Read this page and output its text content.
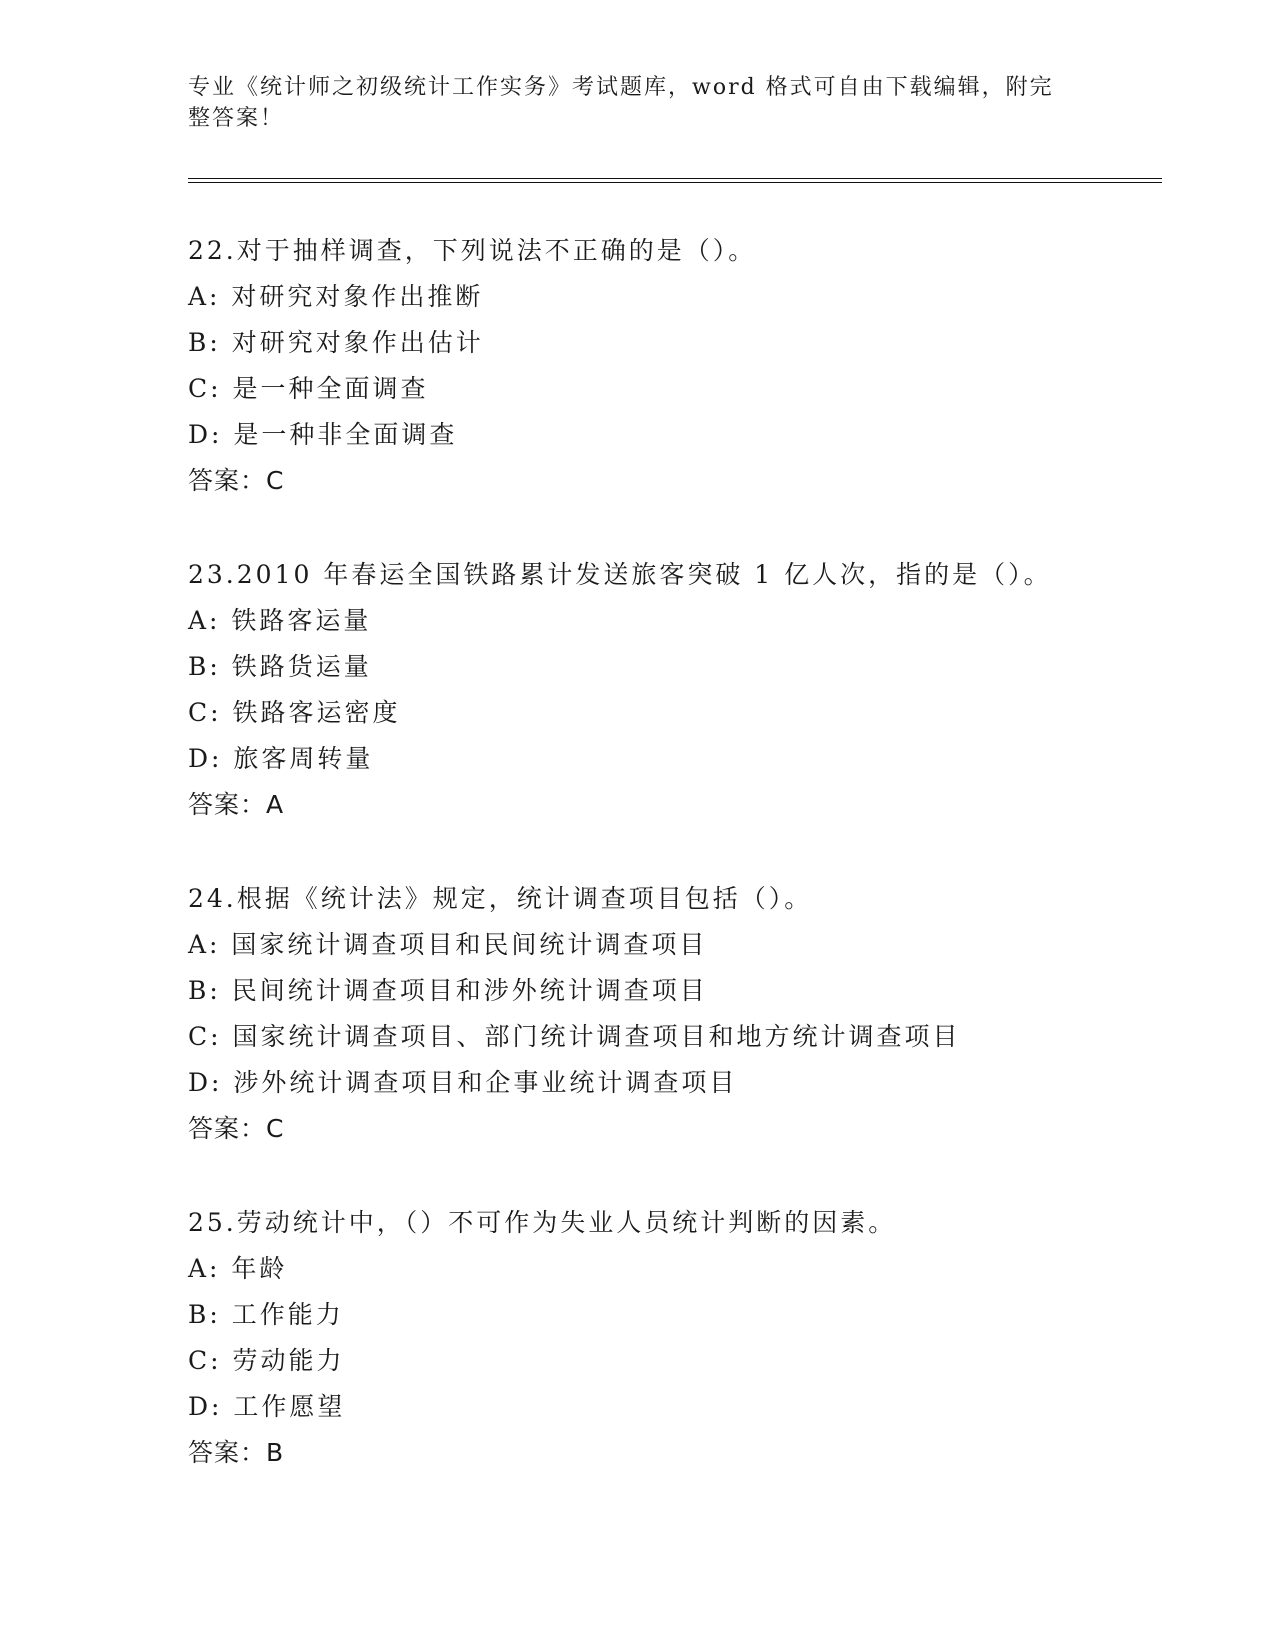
专业《统计师之初级统计工作实务》考试题库，word 格式可自由下载编辑，附完
整答案！
22.对于抽样调查，下列说法不正确的是（）。
A: 对研究对象作出推断
B: 对研究对象作出估计
C: 是一种全面调查
D: 是一种非全面调查
答案：C
23.2010 年春运全国铁路累计发送旅客突破 1 亿人次，指的是（）。
A: 铁路客运量
B: 铁路货运量
C: 铁路客运密度
D: 旅客周转量
答案：A
24.根据《统计法》规定，统计调查项目包括（）。
A: 国家统计调查项目和民间统计调查项目
B: 民间统计调查项目和涉外统计调查项目
C: 国家统计调查项目、部门统计调查项目和地方统计调查项目
D: 涉外统计调查项目和企事业统计调查项目
答案：C
25.劳动统计中，（）不可作为失业人员统计判断的因素。
A: 年龄
B: 工作能力
C: 劳动能力
D: 工作愿望
答案：B
